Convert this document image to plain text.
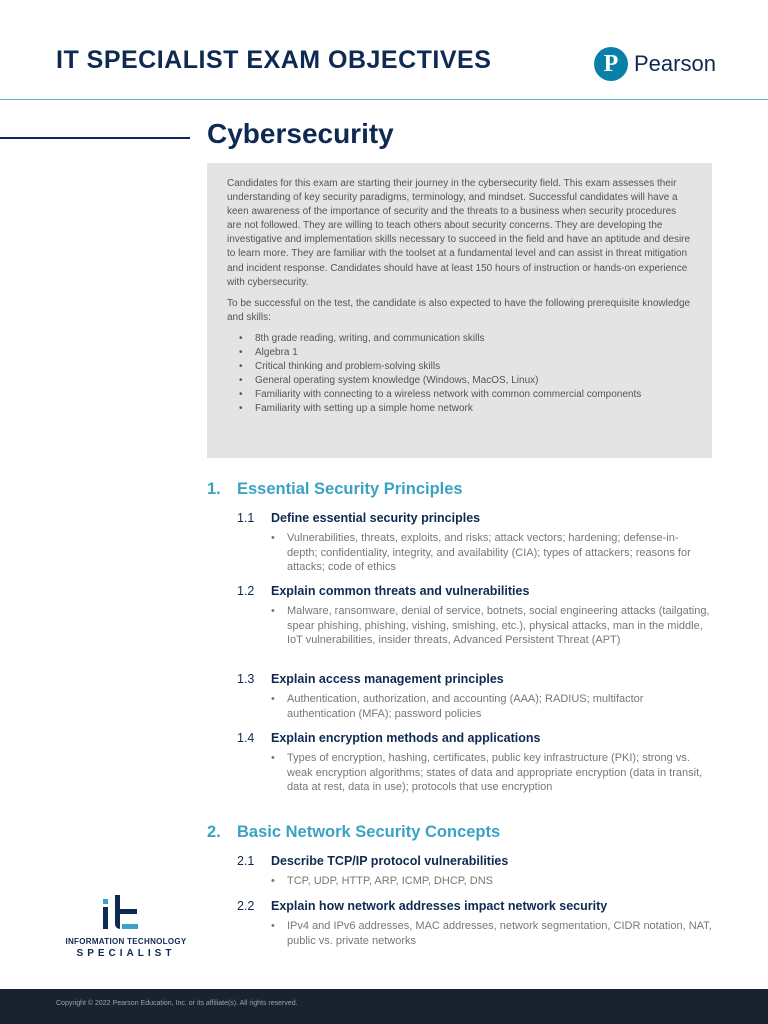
IT SPECIALIST EXAM OBJECTIVES	P Pearson
Cybersecurity

Candidates for this exam are starting their journey in the cybersecurity field. This exam assesses their understanding of key security paradigms, terminology, and mindset. Successful candidates will have a keen awareness of the importance of security and the threats to a business when security procedures are not followed. They are willing to teach others about security concerns. They are developing the investigative and implementation skills necessary to succeed in the field and have an aptitude and desire to learn more. They are familiar with the toolset at a fundamental level and can assist in threat mitigation and incident response. Candidates should have at least 150 hours of instruction or hands-on experience with cybersecurity.

To be successful on the test, the candidate is also expected to have the following prerequisite knowledge and skills:

• 8th grade reading, writing, and communication skills
• Algebra 1
• Critical thinking and problem-solving skills
• General operating system knowledge (Windows, MacOS, Linux)
• Familiarity with connecting to a wireless network with common commercial components
• Familiarity with setting up a simple home network
1. Essential Security Principles
1.1	Define essential security principles
• Vulnerabilities, threats, exploits, and risks; attack vectors; hardening; defense-in-depth; confidentiality, integrity, and availability (CIA); types of attackers; reasons for attacks; code of ethics
1.2	Explain common threats and vulnerabilities
• Malware, ransomware, denial of service, botnets, social engineering attacks (tailgating, spear phishing, phishing, vishing, smishing, etc.), physical attacks, man in the middle, IoT vulnerabilities, insider threats, Advanced Persistent Threat (APT)
1.3	Explain access management principles
• Authentication, authorization, and accounting (AAA); RADIUS; multifactor authentication (MFA); password policies
1.4	Explain encryption methods and applications
• Types of encryption, hashing, certificates, public key infrastructure (PKI); strong vs. weak encryption algorithms; states of data and appropriate encryption (data in transit, data at rest, data in use); protocols that use encryption
2. Basic Network Security Concepts
2.1	Describe TCP/IP protocol vulnerabilities
• TCP, UDP, HTTP, ARP, ICMP, DHCP, DNS
2.2	Explain how network addresses impact network security
• IPv4 and IPv6 addresses, MAC addresses, network segmentation, CIDR notation, NAT, public vs. private networks
INFORMATION TECHNOLOGY
SPECIALIST
Copyright © 2022 Pearson Education, Inc. or its affiliate(s). All rights reserved.
